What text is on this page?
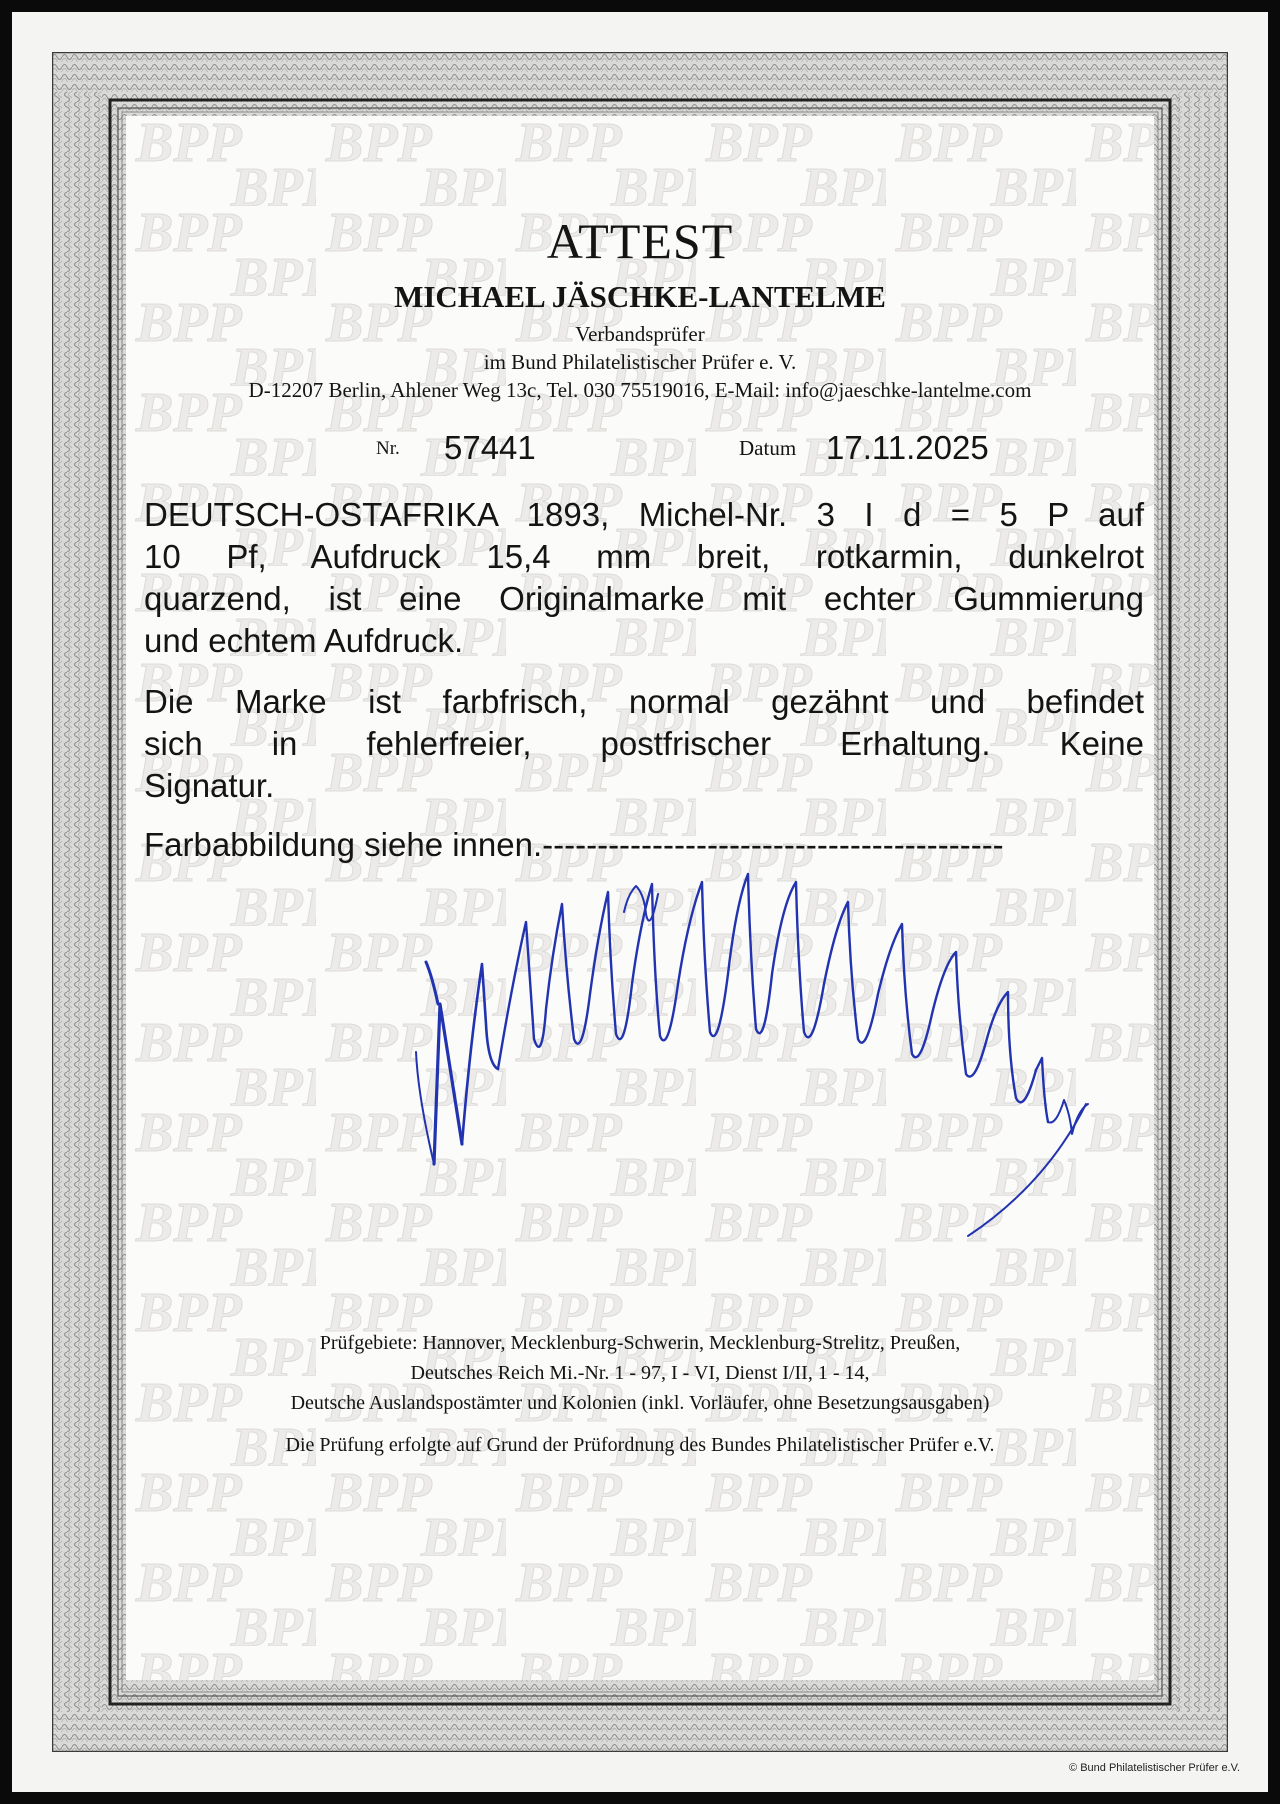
ATTEST
MICHAEL JÄSCHKE-LANTELME
Verbandsprüfer
im Bund Philatelistischer Prüfer e. V.
D-12207 Berlin, Ahlener Weg 13c, Tel. 030 75519016, E-Mail: info@jaeschke-lantelme.com
Nr. 57441	Datum 17.11.2025
DEUTSCH-OSTAFRIKA 1893, Michel-Nr. 3 I d = 5 P auf
10 Pf, Aufdruck 15,4 mm breit, rotkarmin, dunkelrot
quarzend, ist eine Originalmarke mit echter Gummierung
und echtem Aufdruck.
Die Marke ist farbfrisch, normal gezähnt und befindet
sich in fehlerfreier, postfrischer Erhaltung. Keine
Signatur.
Farbabbildung siehe innen.------------------------------------------
Prüfgebiete: Hannover, Mecklenburg-Schwerin, Mecklenburg-Strelitz, Preußen,
Deutsches Reich Mi.-Nr. 1 - 97, I - VI, Dienst I/II, 1 - 14,
Deutsche Auslandspostämter und Kolonien (inkl. Vorläufer, ohne Besetzungsausgaben)
Die Prüfung erfolgte auf Grund der Prüfordnung des Bundes Philatelistischer Prüfer e.V.
© Bund Philatelistischer Prüfer e.V.
